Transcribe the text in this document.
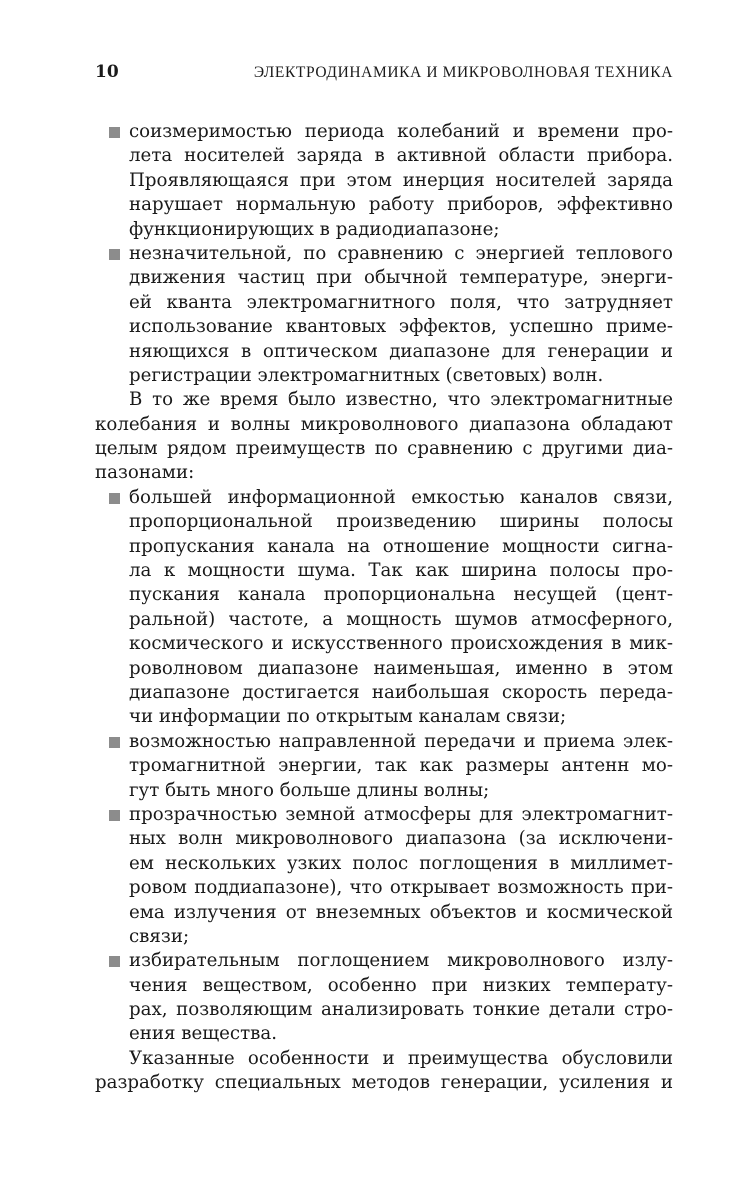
10	ЭЛЕКТРОДИНАМИКА И МИКРОВОЛНОВАЯ ТЕХНИКА
соизмеримостью периода колебаний и времени про-
лета носителей заряда в активной области прибора.
Проявляющаяся при этом инерция носителей заряда
нарушает нормальную работу приборов, эффективно
функционирующих в радиодиапазоне;
незначительной, по сравнению с энергией теплового
движения частиц при обычной температуре, энерги-
ей кванта электромагнитного поля, что затрудняет
использование квантовых эффектов, успешно приме-
няющихся в оптическом диапазоне для генерации и
регистрации электромагнитных (световых) волн.
В то же время было известно, что электромагнитные
колебания и волны микроволнового диапазона обладают
целым рядом преимуществ по сравнению с другими диа-
пазонами:
большей информационной емкостью каналов связи,
пропорциональной произведению ширины полосы
пропускания канала на отношение мощности сигна-
ла к мощности шума. Так как ширина полосы про-
пускания канала пропорциональна несущей (цент-
ральной) частоте, а мощность шумов атмосферного,
космического и искусственного происхождения в мик-
роволновом диапазоне наименьшая, именно в этом
диапазоне достигается наибольшая скорость переда-
чи информации по открытым каналам связи;
возможностью направленной передачи и приема элек-
тромагнитной энергии, так как размеры антенн мо-
гут быть много больше длины волны;
прозрачностью земной атмосферы для электромагнит-
ных волн микроволнового диапазона (за исключени-
ем нескольких узких полос поглощения в миллимет-
ровом поддиапазоне), что открывает возможность при-
ема излучения от внеземных объектов и космической
связи;
избирательным поглощением микроволнового излу-
чения веществом, особенно при низких температу-
рах, позволяющим анализировать тонкие детали стро-
ения вещества.
Указанные особенности и преимущества обусловили
разработку специальных методов генерации, усиления и
